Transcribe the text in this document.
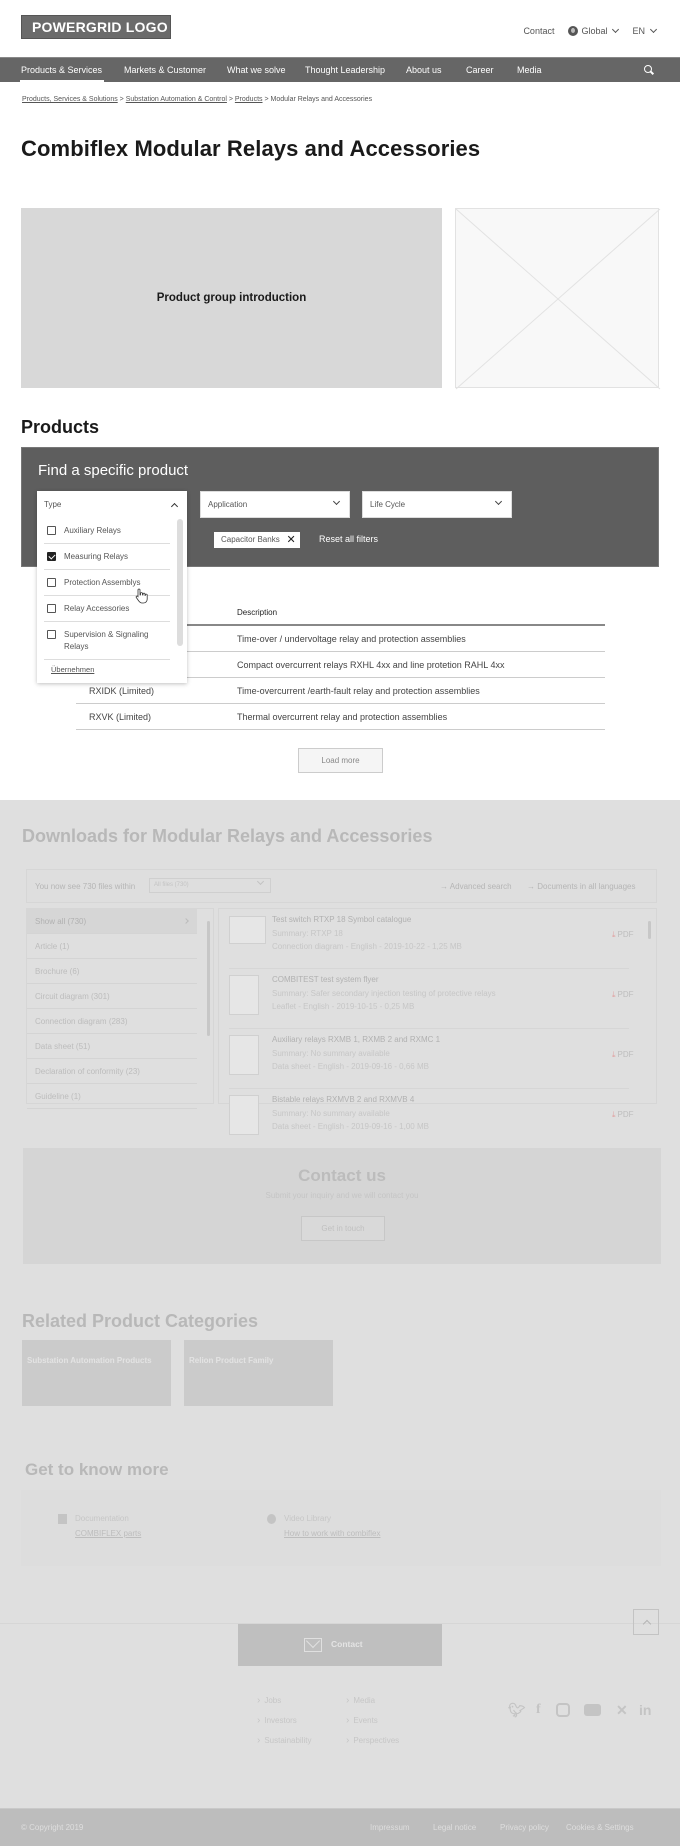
POWERGRID LOGO	Contact	Global	EN
Products & Services Markets & Customer What we solve Thought Leadership About us	Career	Media
Products, Services & Solutions > Substation Automation & Control > Products > Modular Relays and Accessories
Combiflex Modular Relays and Accessories
Product group introduction
Products
Find a specific product
Application	Life Cycle
Capacitor Banks ✕	Reset all filters
Type
Auxiliary Relays
Measuring Relays
Protection Assemblys
Relay Accessories
Supervision & Signaling Relays
Übernehmen
Description
Time-over / undervoltage relay and protection assemblies
Compact overcurrent relays RXHL 4xx and line protetion RAHL 4xx
RXIDK (Limited)	Time-overcurrent /earth-fault relay and protection assemblies
RXVK (Limited)	Thermal overcurrent relay and protection assemblies
Load more
Downloads for Modular Relays and Accessories
You now see 730 files within	All files (730)	→ Advanced search → Documents in all languages
Show all (730)
Article (1)
Brochure (6)
Circuit diagram (301)
Connection diagram (283)
Data sheet (51)
Declaration of conformity (23)
Guideline (1)
Test switch RTXP 18 Symbol catalogue
Summary: RTXP 18
Connection diagram - English - 2019-10-22 - 1,25 MB
⤓ PDF
COMBITEST test system flyer
Summary: Safer secondary injection testing of protective relays
Leaflet - English - 2019-10-15 - 0,25 MB
⤓ PDF
Auxiliary relays RXMB 1, RXMB 2 and RXMC 1
Summary: No summary available
Data sheet - English - 2019-09-16 - 0,66 MB
⤓ PDF
Bistable relays RXMVB 2 and RXMVB 4
Summary: No summary available
Data sheet - English - 2019-09-16 - 1,00 MB
⤓ PDF
Contact us
Submit your inquiry and we will contact you
Get in touch
Related Product Categories
Substation Automation Products	Relion Product Family
Get to know more
Documentation
COMBIFLEX parts
Video Library
How to work with combiflex
Contact
› Jobs
› Investors
› Sustainability
› Media
› Events
› Perspectives
🐦︎ f	✕ in
© Copyright 2019	Impressum	Legal notice	Privacy policy Cookies & Settings
